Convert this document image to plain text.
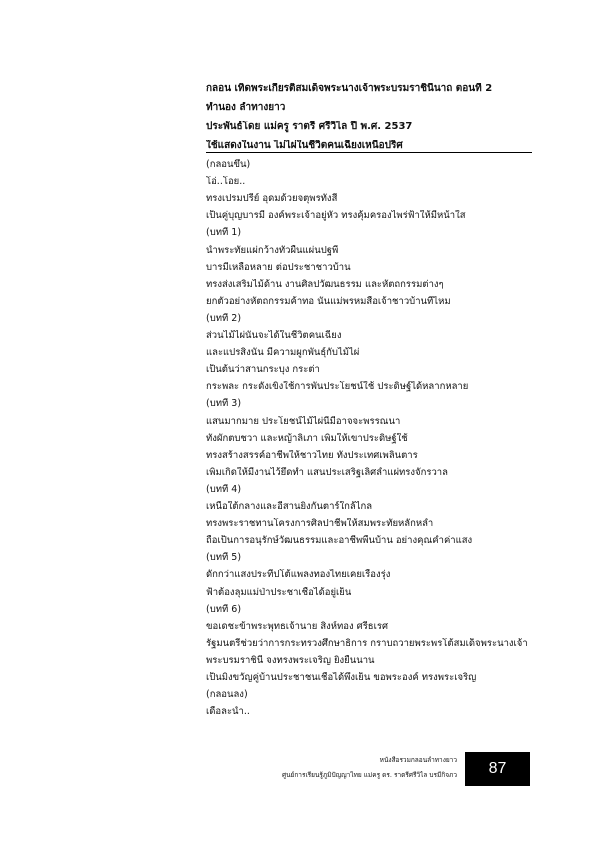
กลอน เทิดพระเกียรติสมเด็จพระนางเจ้าพระบรมราชินีนาถ ตอนที่ 2
ทำนอง ลำทางยาว
ประพันธ์โดย แม่ครู ราตรี ศรีวิไล ปี พ.ศ. 2537
ใช้แสดงในงาน ไม่ไผ่ในชีวิตคนเฉียงเหนือปริศ
(กลอนขึ้น)
โอ่..โอย..
ทรงเปรมปรีย์ อุดมด้วยจตุพรทั้งสี่
เป็นคู่บุญบารมี องค์พระเจ้าอยู่หัว ทรงคุ้มครองไพร่ฟ้าให้มีหน้าใส
(บทที่ 1)
น้ำพระทัยแผ่กว้างทั่วผืนแผ่นปฐพี
บารมีเหลือหลาย ต่อประชาชาวบ้าน
ทรงส่งเสริมไม้ด้าน งานศิลปวัฒนธรรม และหัตถกรรมต่างๆ
ยกตัวอย่างหัตถกรรมค้าทอ นั้นแม่พรหมสื่อเจ้าชาวบ้านที่ไหม
(บทที่ 2)
ส่วนไม้ไผ่นั้นจะได้ในชีวิตคนเฉียง
และแปรสิ่งนั้น มีความผูกพันธุ์กับไม้ไผ่
เป็นต้นว่าสานกระบุง กระต่า
กระพละ กระดังเขิงใช้การพันประโยชน์ใช้ ประดิษฐ์ได้หลากหลาย
(บทที่ 3)
แสนมากมาย ประโยชน์ไม้ไผ่นี้มีอาจจะพรรณนา
ทั้งผักตบชวา และหญ้าลิเภา เพิ่มให้เขาประดิษฐ์ใช้
ทรงสร้างสรรค์อาชีพให้ชาวไทย ทั้งประเทศเพลินตาร
เพิ่มเกิดให้มีงานไว้ยึดทำ แสนประเสริฐเลิศล้ำแผ่ทรงจักรวาล
(บทที่ 4)
เหนือใต้กลางและอีสานยิ่งกันตาร์ใกล้ไกล
ทรงพระราชทานโครงการศิลปาชีพให้สมพระทัยหลักหล่ำ
ถือเป็นการอนุรักษ์วัฒนธรรมและอาชีพพื้นบ้าน อย่างคุณค่ำค่าแสง
(บทที่ 5)
ดักกว่าแสงประทีปโต้แพลงทองไทยเคยเรืองรุ่ง
ฟ้าต้องลุมแม่ป่าประชาเชื่อได้อยู่เย็น
(บทที่ 6)
ขอเดชะข้าพระพุทธเจ้านาย สิงห์ทอง ศรีธเรศ
รัฐมนตรีช่วยว่าการกระทรวงศึกษาธิการ กราบถวายพระพรโต้สมเด็จพระนางเจ้า
พระบรมราชินี จงทรงพระเจริญ ยิ่งยืนนาน
เป็นมิ่งขวัญคู่บ้านประชาชนเชื่อได้พึ่งเย็น ขอพระองค์ ทรงพระเจริญ
(กลอนลง)
เดือละน้ำ..
หนังสือรวมกลอนลำทางยาว
ศูนย์การเรียนรู้ภูมิปัญญาไทย แม่ครู ดร. ราตรีศรีวิไล บรมีกิจภว 87
